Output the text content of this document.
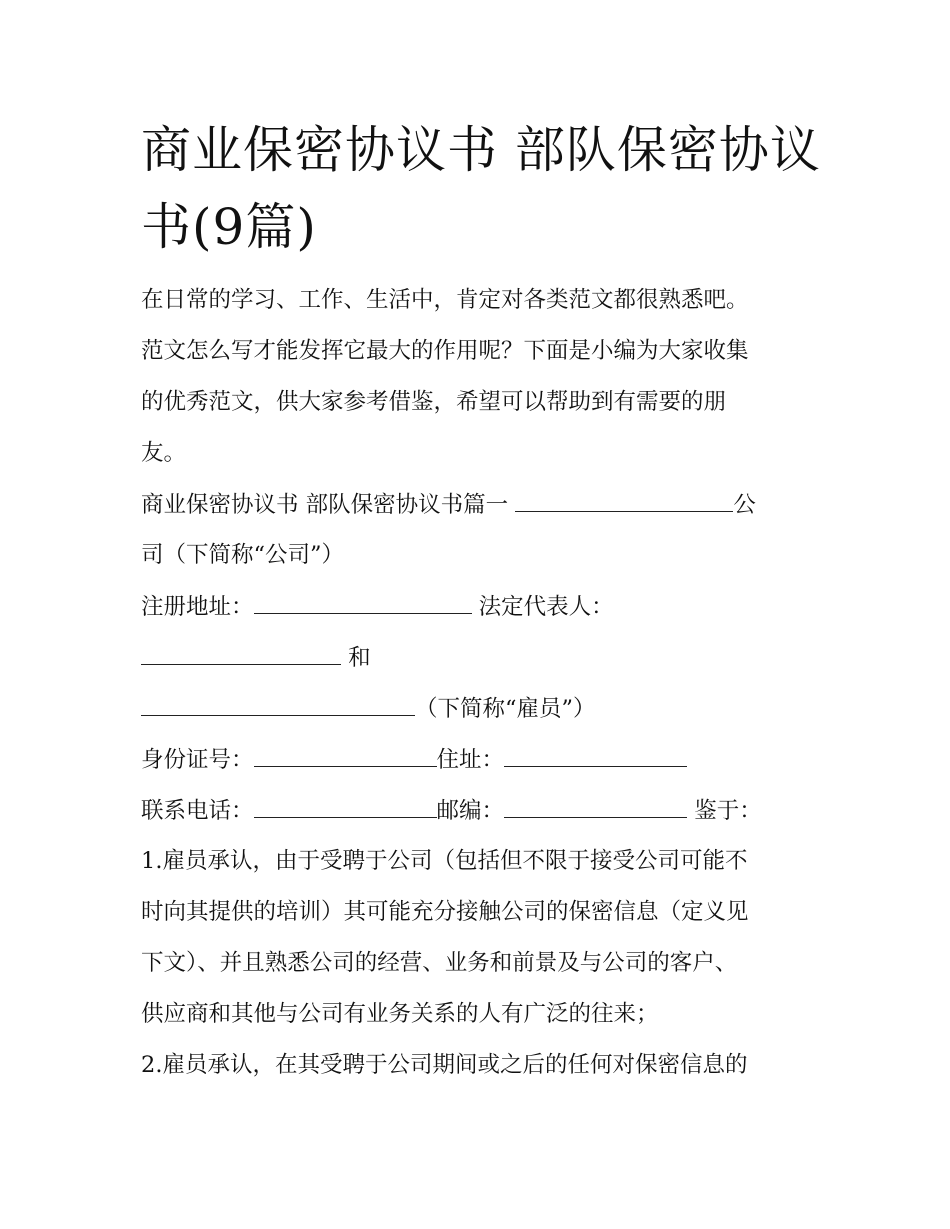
商业保密协议书 部队保密协议
书(9篇)
在日常的学习、工作、生活中，肯定对各类范文都很熟悉吧。
范文怎么写才能发挥它最大的作用呢？下面是小编为大家收集
的优秀范文，供大家参考借鉴，希望可以帮助到有需要的朋
友。
商业保密协议书 部队保密协议书篇一	公
司（下简称“公司”）
注册地址：	法定代表人：
和
（下简称“雇员”）
身份证号：	住址：
联系电话：	邮编：	鉴于：
1.雇员承认，由于受聘于公司（包括但不限于接受公司可能不
时向其提供的培训）其可能充分接触公司的保密信息（定义见
下文）、并且熟悉公司的经营、业务和前景及与公司的客户、
供应商和其他与公司有业务关系的人有广泛的往来；
2.雇员承认，在其受聘于公司期间或之后的任何对保密信息的
